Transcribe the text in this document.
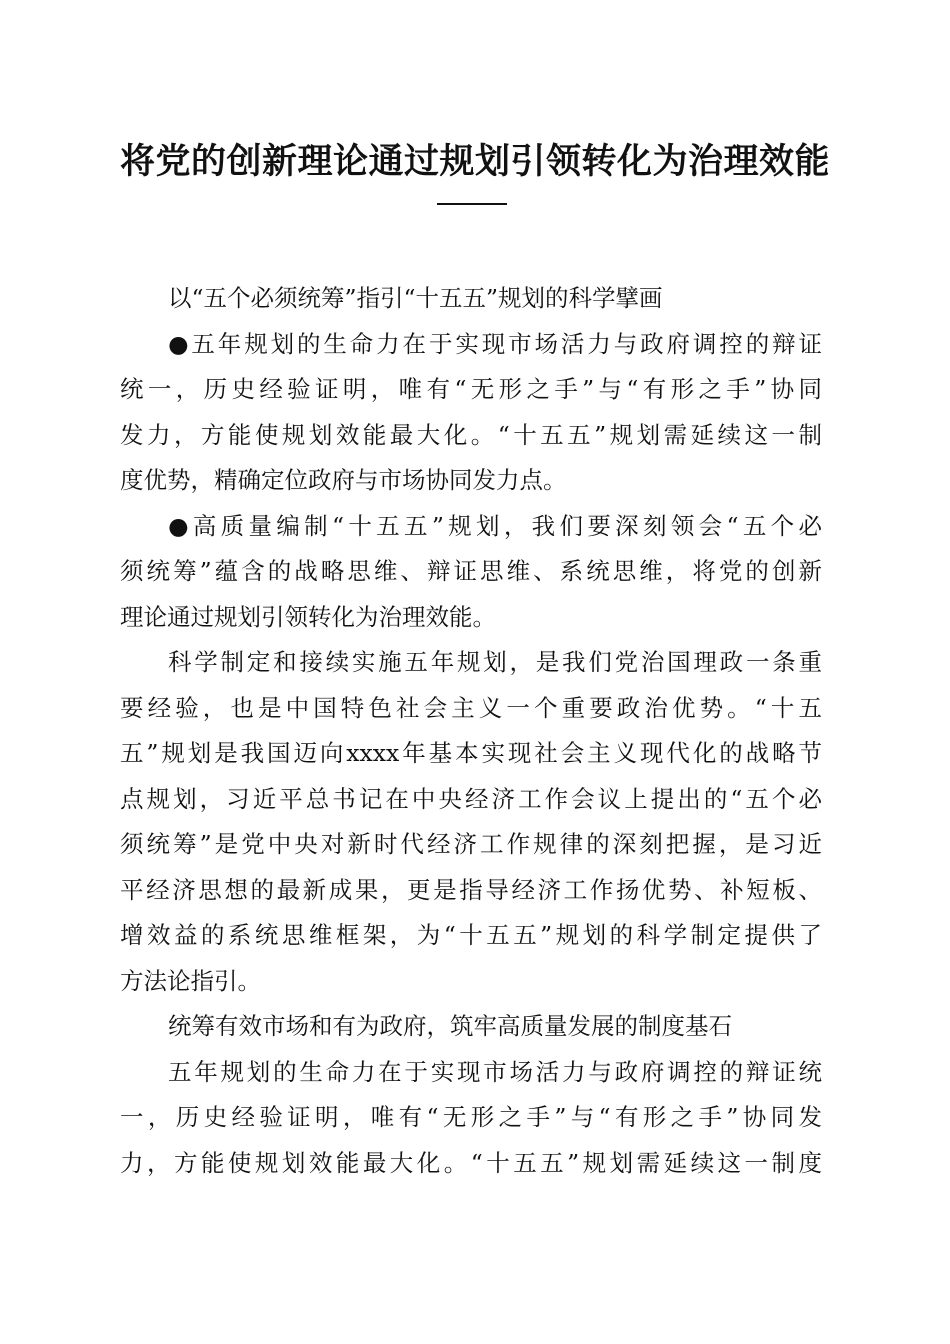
将党的创新理论通过规划引领转化为治理效能
以“五个必须统筹”指引“十五五”规划的科学擘画
●五年规划的生命力在于实现市场活力与政府调控的辩证
统一，历史经验证明，唯有“无形之手”与“有形之手”协同
发力，方能使规划效能最大化。“十五五”规划需延续这一制
度优势，精确定位政府与市场协同发力点。
●高质量编制“十五五”规划，我们要深刻领会“五个必
须统筹”蕴含的战略思维、辩证思维、系统思维，将党的创新
理论通过规划引领转化为治理效能。
科学制定和接续实施五年规划，是我们党治国理政一条重
要经验，也是中国特色社会主义一个重要政治优势。“十五
五”规划是我国迈向xxxx年基本实现社会主义现代化的战略节
点规划，习近平总书记在中央经济工作会议上提出的“五个必
须统筹”是党中央对新时代经济工作规律的深刻把握，是习近
平经济思想的最新成果，更是指导经济工作扬优势、补短板、
增效益的系统思维框架，为“十五五”规划的科学制定提供了
方法论指引。
统筹有效市场和有为政府，筑牢高质量发展的制度基石
五年规划的生命力在于实现市场活力与政府调控的辩证统
一，历史经验证明，唯有“无形之手”与“有形之手”协同发
力，方能使规划效能最大化。“十五五”规划需延续这一制度
